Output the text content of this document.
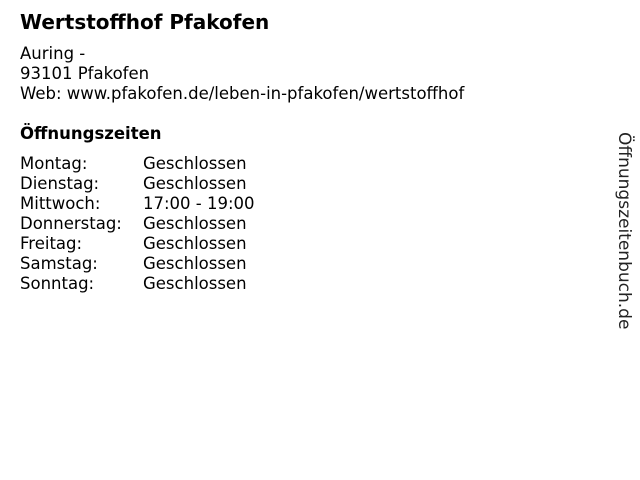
Wertstoffhof Pfakofen
Auring -
93101 Pfakofen
Web: www.pfakofen.de/leben-in-pfakofen/wertstoffhof
Öffnungszeiten
Montag:	Geschlossen
Dienstag:	Geschlossen
Mittwoch:	17:00 - 19:00
Donnerstag: Geschlossen
Freitag:	Geschlossen
Samstag:	Geschlossen
Sonntag:	Geschlossen	Öffnungszeitenbuch.de
